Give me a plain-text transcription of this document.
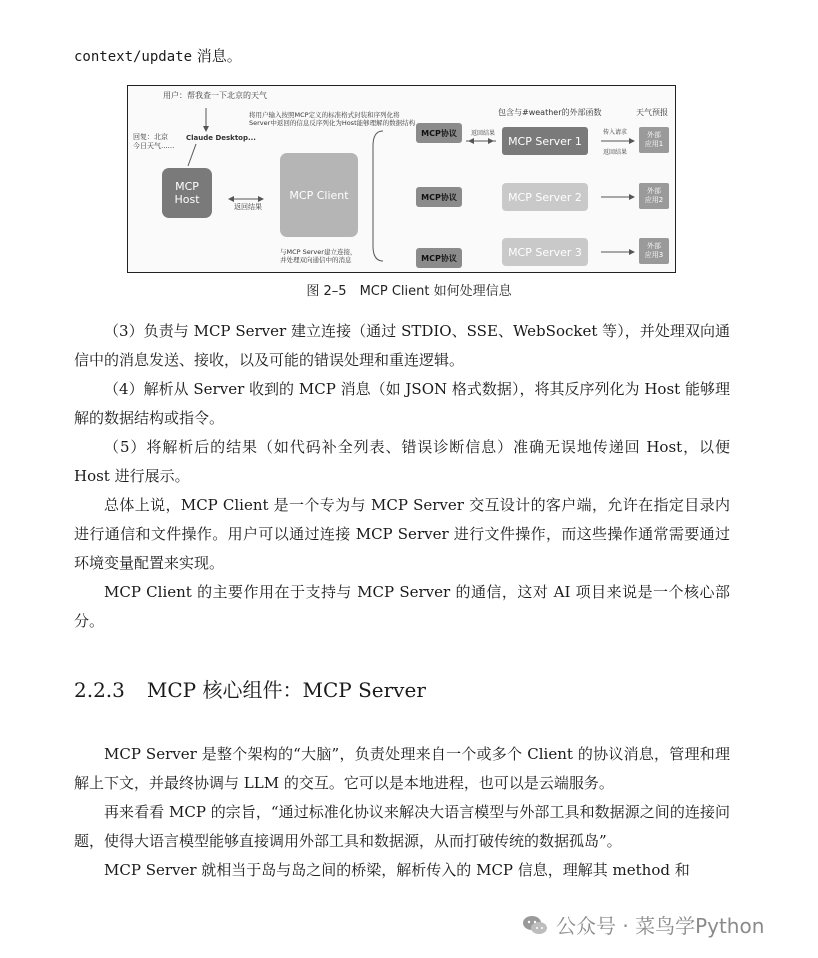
context/update 消息。
用户：帮我查一下北京的天气
回复：北京
今日天气......
Claude Desktop...
MCP
Host
返回结果
将用户输入按照MCP定义的标准格式封装和序列化将
Server中返回的信息反序列化为Host能够理解的数据结构
MCP Client
与MCP Server建立连接，
并处理双向通信中的消息
MCP协议
MCP协议
MCP协议
返回结果
包含与#weather的外部函数	天气预报
MCP Server 1
MCP Server 2
MCP Server 3
传入请求
返回结果
外部
应用1
外部
应用2
外部
应用3
图 2–5　MCP Client 如何处理信息

（3）负责与 MCP Server 建立连接（通过 STDIO、SSE、WebSocket 等），并处理双向通信中的消息发送、接收，以及可能的错误处理和重连逻辑。

（4）解析从 Server 收到的 MCP 消息（如 JSON 格式数据），将其反序列化为 Host 能够理解的数据结构或指令。

（5）将解析后的结果（如代码补全列表、错误诊断信息）准确无误地传递回 Host，以便 Host 进行展示。

总体上说，MCP Client 是一个专为与 MCP Server 交互设计的客户端，允许在指定目录内进行通信和文件操作。用户可以通过连接 MCP Server 进行文件操作，而这些操作通常需要通过环境变量配置来实现。

MCP Client 的主要作用在于支持与 MCP Server 的通信，这对 AI 项目来说是一个核心部分。

2.2.3 MCP 核心组件：MCP Server

MCP Server 是整个架构的“大脑”，负责处理来自一个或多个 Client 的协议消息，管理和理解上下文，并最终协调与 LLM 的交互。它可以是本地进程，也可以是云端服务。

再来看看 MCP 的宗旨，“通过标准化协议来解决大语言模型与外部工具和数据源之间的连接问题，使得大语言模型能够直接调用外部工具和数据源，从而打破传统的数据孤岛”。

MCP Server 就相当于岛与岛之间的桥梁，解析传入的 MCP 信息，理解其 method 和

公众号 · 菜鸟学Python
